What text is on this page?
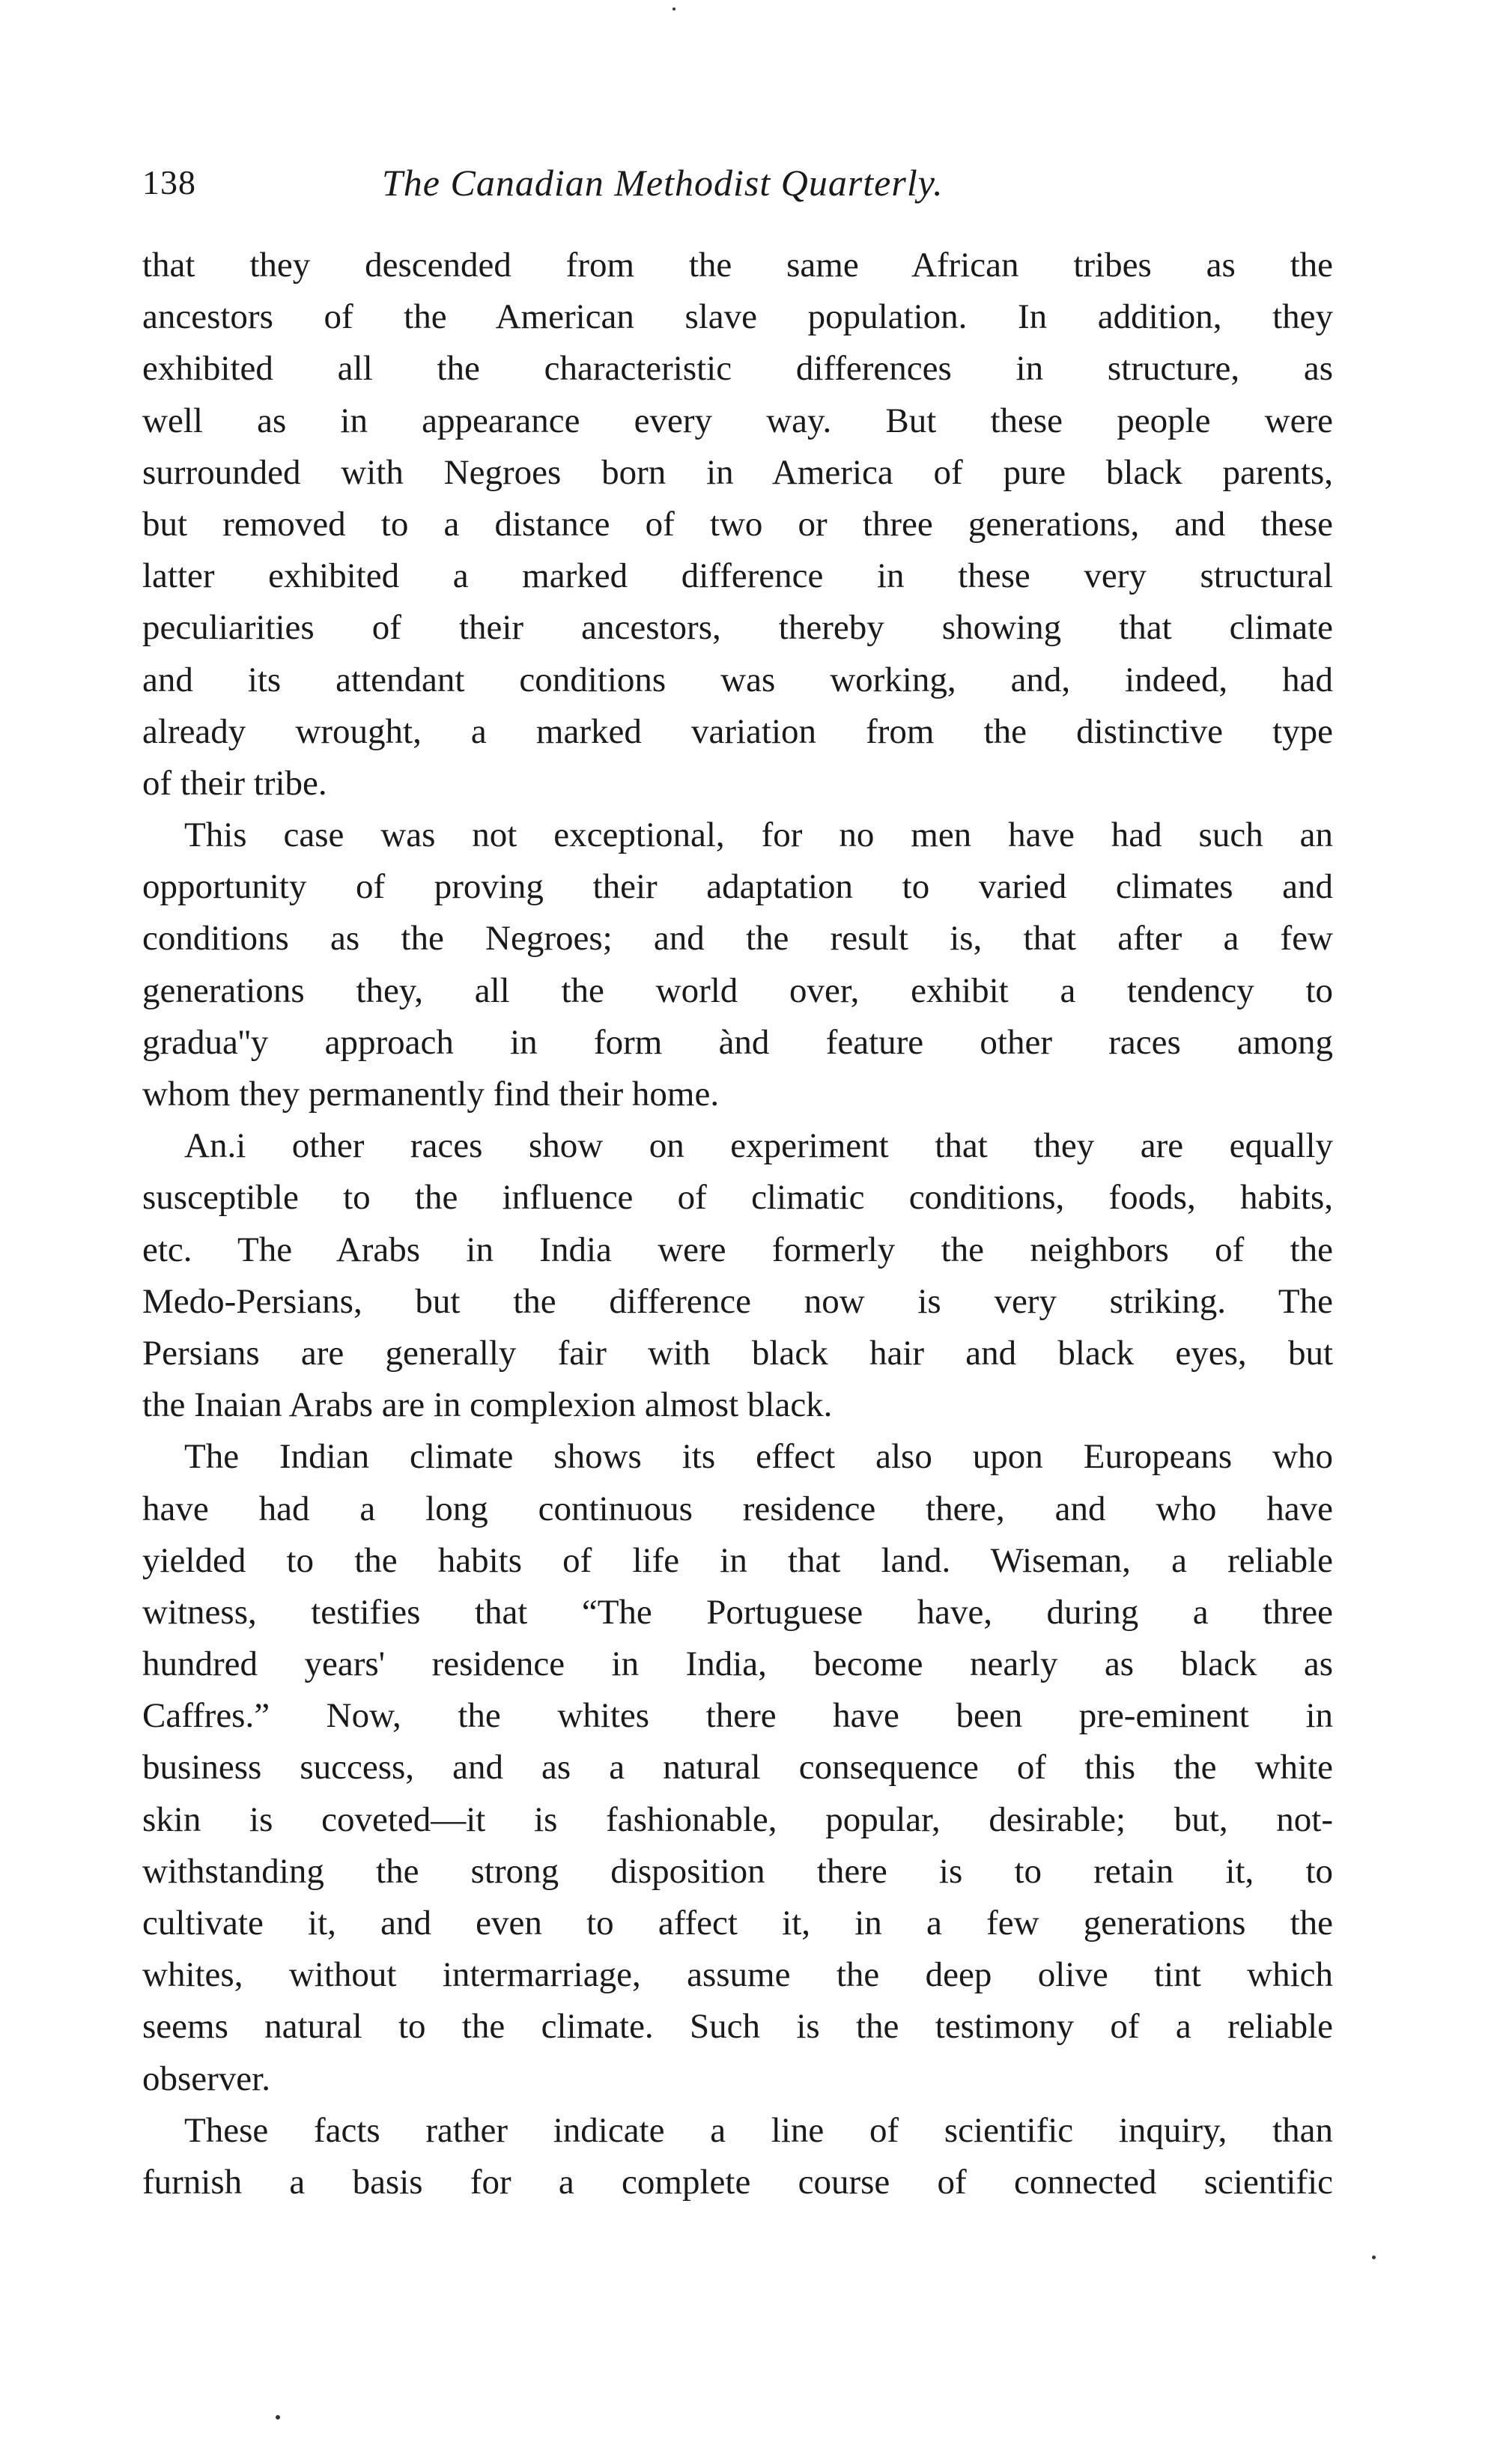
138	The Canadian Methodist Quarterly.
that they descended from the same African tribes as the
ancestors of the American slave population. In addition, they
exhibited all the characteristic differences in structure, as
well as in appearance every way. But these people were
surrounded with Negroes born in America of pure black parents,
but removed to a distance of two or three generations, and these
latter exhibited a marked difference in these very structural
peculiarities of their ancestors, thereby showing that climate
and its attendant conditions was working, and, indeed, had
already wrought, a marked variation from the distinctive type
of their tribe.
This case was not exceptional, for no men have had such an
opportunity of proving their adaptation to varied climates and
conditions as the Negroes; and the result is, that after a few
generations they, all the world over, exhibit a tendency to
gradua''y approach in form ànd feature other races among
whom they permanently find their home.
An.i other races show on experiment that they are equally
susceptible to the influence of climatic conditions, foods, habits,
etc. The Arabs in India were formerly the neighbors of the
Medo-Persians, but the difference now is very striking. The
Persians are generally fair with black hair and black eyes, but
the Inaian Arabs are in complexion almost black.
The Indian climate shows its effect also upon Europeans who
have had a long continuous residence there, and who have
yielded to the habits of life in that land. Wiseman, a reliable
witness, testifies that “The Portuguese have, during a three
hundred years' residence in India, become nearly as black as
Caffres.” Now, the whites there have been pre-eminent in
business success, and as a natural consequence of this the white
skin is coveted—it is fashionable, popular, desirable; but, not-
withstanding the strong disposition there is to retain it, to
cultivate it, and even to affect it, in a few generations the
whites, without intermarriage, assume the deep olive tint which
seems natural to the climate. Such is the testimony of a reliable
observer.
These facts rather indicate a line of scientific inquiry, than
furnish a basis for a complete course of connected scientific
